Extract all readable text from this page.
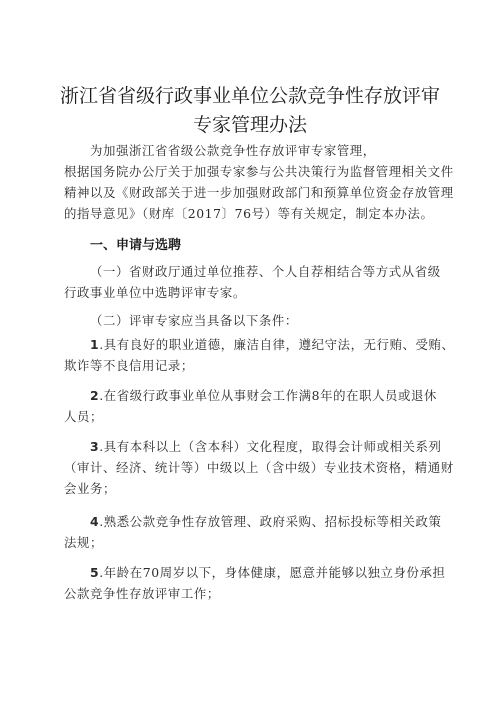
浙江省省级行政事业单位公款竞争性存放评审
专家管理办法
为加强浙江省省级公款竞争性存放评审专家管理，
根据国务院办公厅关于加强专家参与公共决策行为监督管理相关文件
精神以及《财政部关于进一步加强财政部门和预算单位资金存放管理
的指导意见》（财库〔2017〕76号）等有关规定，制定本办法。
一、申请与选聘
（一）省财政厅通过单位推荐、个人自荐相结合等方式从省级
行政事业单位中选聘评审专家。
（二）评审专家应当具备以下条件：
1.具有良好的职业道德，廉洁自律，遵纪守法，无行贿、受贿、
欺诈等不良信用记录；
2.在省级行政事业单位从事财会工作满8年的在职人员或退休
人员；
3.具有本科以上（含本科）文化程度，取得会计师或相关系列
（审计、经济、统计等）中级以上（含中级）专业技术资格，精通财
会业务；
4.熟悉公款竞争性存放管理、政府采购、招标投标等相关政策
法规；
5.年龄在70周岁以下，身体健康，愿意并能够以独立身份承担
公款竞争性存放评审工作；
